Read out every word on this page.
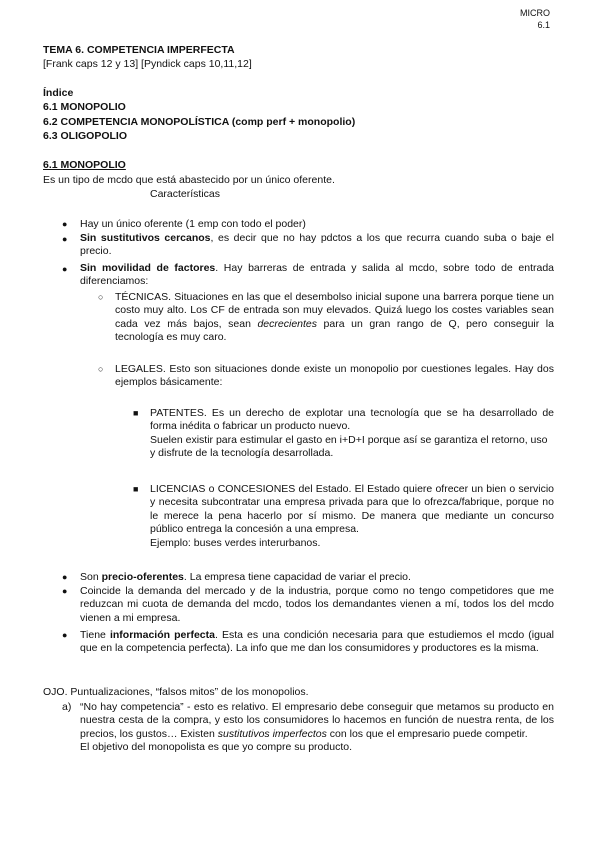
MICRO
6.1
TEMA 6. COMPETENCIA IMPERFECTA
[Frank caps 12 y 13] [Pyndick caps 10,11,12]
Índice
6.1 MONOPOLIO
6.2 COMPETENCIA MONOPOLÍSTICA (comp perf + monopolio)
6.3 OLIGOPOLIO
6.1 MONOPOLIO
Es un tipo de mcdo que está abastecido por un único oferente.
Características
● Hay un único oferente (1 emp con todo el poder)
● Sin sustitutivos cercanos, es decir que no hay pdctos a los que recurra cuando suba o baje el precio.
● Sin movilidad de factores. Hay barreras de entrada y salida al mcdo, sobre todo de entrada diferenciamos:
○ TÉCNICAS. Situaciones en las que el desembolso inicial supone una barrera porque tiene un costo muy alto. Los CF de entrada son muy elevados. Quizá luego los costes variables sean cada vez más bajos, sean decrecientes para un gran rango de Q, pero conseguir la tecnología es muy caro.
○ LEGALES. Esto son situaciones donde existe un monopolio por cuestiones legales. Hay dos ejemplos básicamente:
■ PATENTES. Es un derecho de explotar una tecnología que se ha desarrollado de forma inédita o fabricar un producto nuevo.
Suelen existir para estimular el gasto en i+D+I porque así se garantiza el retorno, uso y disfrute de la tecnología desarrollada.
■ LICENCIAS o CONCESIONES del Estado. El Estado quiere ofrecer un bien o servicio y necesita subcontratar una empresa privada para que lo ofrezca/fabrique, porque no le merece la pena hacerlo por sí mismo. De manera que mediante un concurso público entrega la concesión a una empresa.
Ejemplo: buses verdes interurbanos.
● Son precio-oferentes. La empresa tiene capacidad de variar el precio.
● Coincide la demanda del mercado y de la industria, porque como no tengo competidores que me reduzcan mi cuota de demanda del mcdo, todos los demandantes vienen a mí, todos los del mcdo vienen a mi empresa.
● Tiene información perfecta. Esta es una condición necesaria para que estudiemos el mcdo (igual que en la competencia perfecta). La info que me dan los consumidores y productores es la misma.
OJO. Puntualizaciones, “falsos mitos” de los monopolios.
a) “No hay competencia” - esto es relativo. El empresario debe conseguir que metamos su producto en nuestra cesta de la compra, y esto los consumidores lo hacemos en función de nuestra renta, de los precios, los gustos… Existen sustitutivos imperfectos con los que el empresario puede competir.
El objetivo del monopolista es que yo compre su producto.
